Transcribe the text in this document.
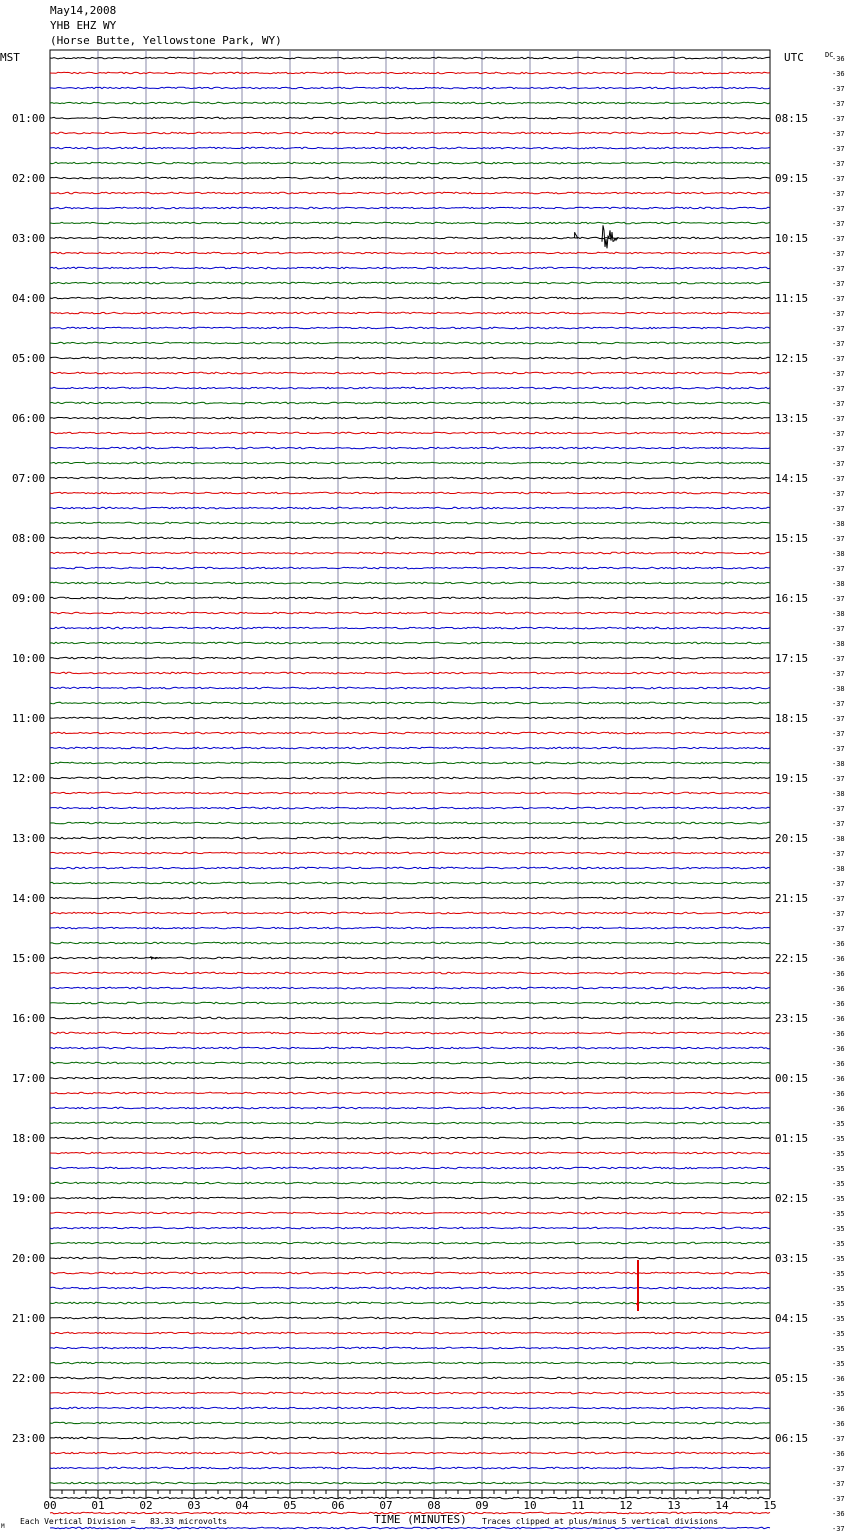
May14,2008
YHB EHZ WY
(Horse Butte, Yellowstone Park, WY)
00	01	02	03	04	05	06	07	08	09	10	11	12	13	14	15
-36
-36
-37
-37
-37
-37
-37
-37
-37
-37
-37
-37
-37
-37
-37
-37
-37
-37
-37
-37
-37
-37
-37
-37
-37
-37
-37
-37
-37
-37
-37
-38
-37
-38
-37
-38
-37
-38
-37
-38
-37
-37
-38
-37
-37
-37
-37
-38
-37
-38
-37
-37
-38
-37
-38
-37
-37
-37
-37
-36
-36
-36
-36
-36
-36
-36
-36
-36
-36
-36
-36
-35
-35
-35
-35
-35
-35
-35
-35
-35
-35
-35
-35
-35
-35
-35
-35
-35
-36
-35
-36
-36
-37
-36
-37
-37
-37
-36
-37
01:00
02:00
03:00
04:00
05:00
06:00
07:00
08:00
09:00
10:00
11:00
12:00
13:00
14:00
15:00
16:00
17:00
18:00
19:00
20:00
21:00
22:00
23:00
08:15
09:15
10:15
11:15
12:15
13:15
14:15
15:15
16:15
17:15
18:15
19:15
20:15
21:15
22:15
23:15
00:15
01:15
02:15
03:15
04:15
05:15
06:15
MST	UTC	DC
M
Each Vertical Division =   83.33 microvolts	TIME (MINUTES) Traces clipped at plus/minus 5 vertical divisions
